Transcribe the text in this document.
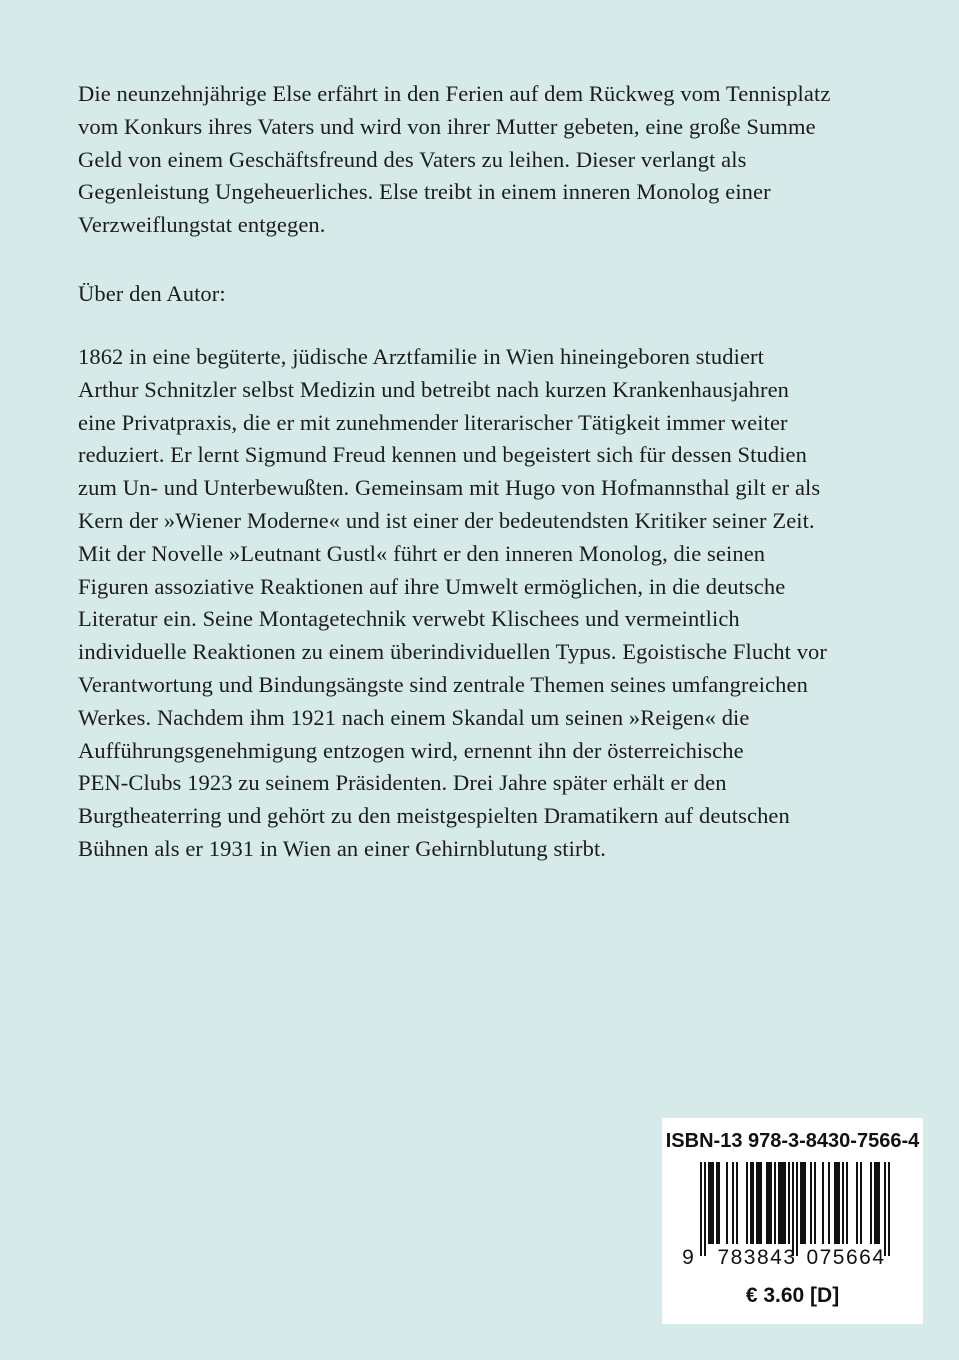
Die neunzehnjährige Else erfährt in den Ferien auf dem Rückweg vom Tennisplatz
vom Konkurs ihres Vaters und wird von ihrer Mutter gebeten, eine große Summe
Geld von einem Geschäftsfreund des Vaters zu leihen. Dieser verlangt als
Gegenleistung Ungeheuerliches. Else treibt in einem inneren Monolog einer
Verzweiflungstat entgegen.
Über den Autor:
1862 in eine begüterte, jüdische Arztfamilie in Wien hineingeboren studiert
Arthur Schnitzler selbst Medizin und betreibt nach kurzen Krankenhausjahren
eine Privatpraxis, die er mit zunehmender literarischer Tätigkeit immer weiter
reduziert. Er lernt Sigmund Freud kennen und begeistert sich für dessen Studien
zum Un- und Unterbewußten. Gemeinsam mit Hugo von Hofmannsthal gilt er als
Kern der »Wiener Moderne« und ist einer der bedeutendsten Kritiker seiner Zeit.
Mit der Novelle »Leutnant Gustl« führt er den inneren Monolog, die seinen
Figuren assoziative Reaktionen auf ihre Umwelt ermöglichen, in die deutsche
Literatur ein. Seine Montagetechnik verwebt Klischees und vermeintlich
individuelle Reaktionen zu einem überindividuellen Typus. Egoistische Flucht vor
Verantwortung und Bindungsängste sind zentrale Themen seines umfangreichen
Werkes. Nachdem ihm 1921 nach einem Skandal um seinen »Reigen« die
Aufführungsgenehmigung entzogen wird, ernennt ihn der österreichische
PEN-Clubs 1923 zu seinem Präsidenten. Drei Jahre später erhält er den
Burgtheaterring und gehört zu den meistgespielten Dramatikern auf deutschen
Bühnen als er 1931 in Wien an einer Gehirnblutung stirbt.
ISBN-13 978-3-8430-7566-4
9 783843 075664
€ 3.60 [D]
